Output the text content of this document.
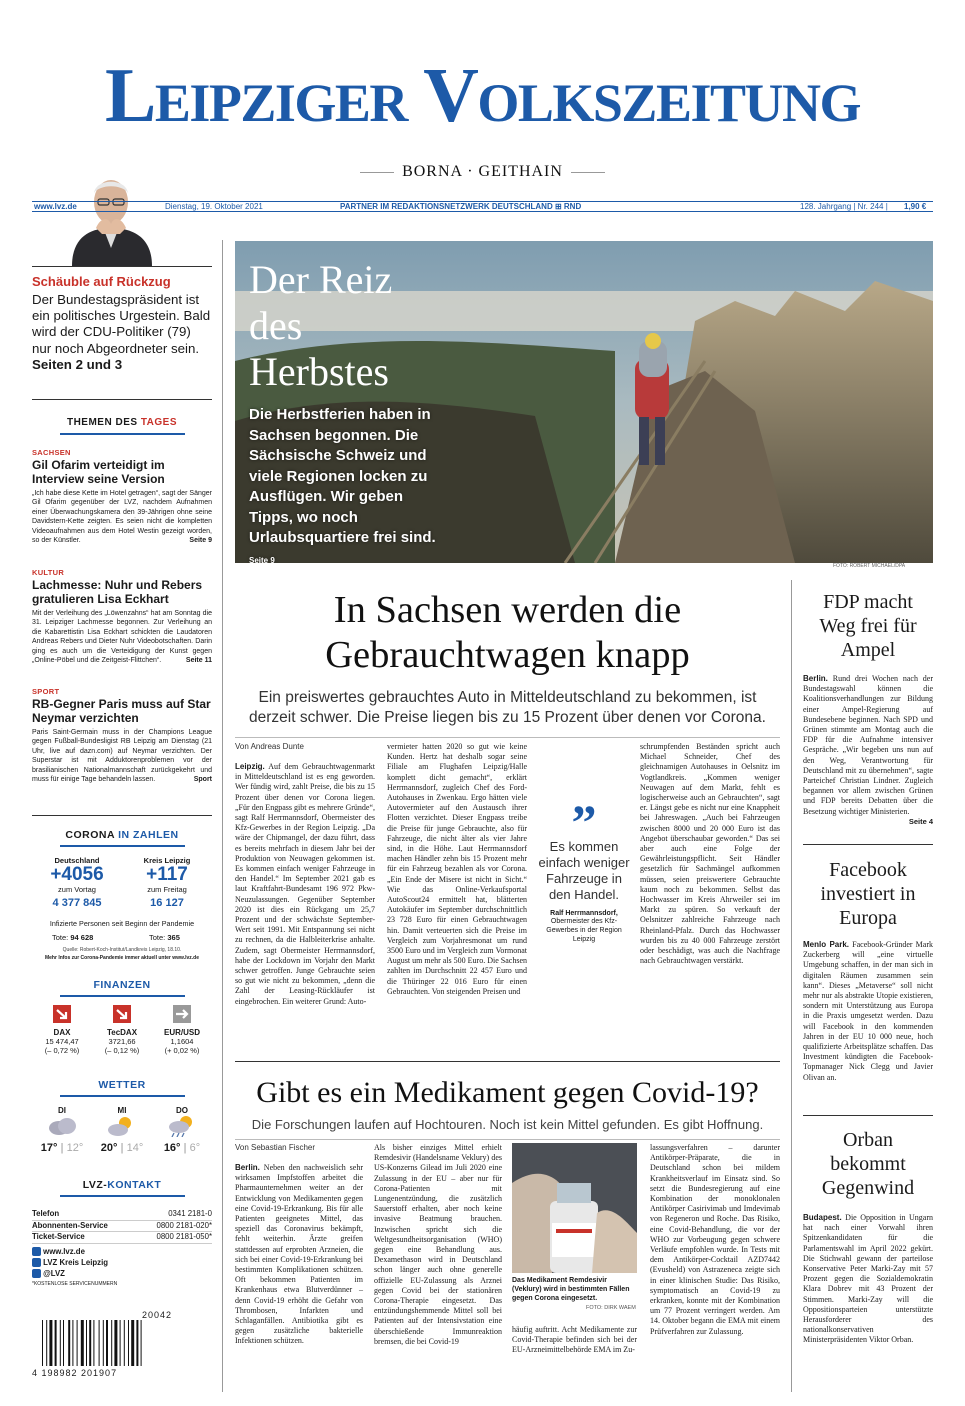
Leipziger Volkszeitung
BORNA · GEITHAIN
www.lvz.de	Dienstag, 19. Oktober 2021	PARTNER IM REDAKTIONSNETZWERK DEUTSCHLAND ⊞ RND	128. Jahrgang | Nr. 244 | 1,90 €
Schäuble auf Rückzug
Der Bundestagspräsident ist ein politisches Urgestein. Bald wird der CDU-Politiker (79) nur noch Abgeordneter sein. Seiten 2 und 3
THEMEN DES TAGES
SACHSEN
Gil Ofarim verteidigt im Interview seine Version
„Ich habe diese Kette im Hotel getragen“, sagt der Sänger Gil Ofarim gegenüber der LVZ, nachdem Aufnahmen einer Überwachungskamera den 39-Jährigen ohne seine Davidstern-Kette zeigten. Es seien nicht die kompletten Videoaufnahmen aus dem Hotel Westin gezeigt worden, so der Künstler.	Seite 9
KULTUR
Lachmesse: Nuhr und Rebers gratulieren Lisa Eckhart
Mit der Verleihung des „Löwenzahns“ hat am Sonntag die 31. Leipziger Lachmesse begonnen. Zur Verleihung an die Kabarettistin Lisa Eckhart schickten die Laudatoren Andreas Rebers und Dieter Nuhr Videobotschaften. Darin ging es auch um die Verteidigung der Kunst gegen „Online-Pöbel und die Zeitgeist-Flittchen“.	Seite 11
SPORT
RB-Gegner Paris muss auf Star Neymar verzichten
Paris Saint-Germain muss in der Champions League gegen Fußball-Bundesligist RB Leipzig am Dienstag (21 Uhr, live auf dazn.com) auf Neymar verzichten. Der Superstar ist mit Adduktorenproblemen vor der brasilianischen Nationalmannschaft zurückgekehrt und muss für einige Tage behandeln lassen.	Sport
CORONA IN ZAHLEN
Deutschland
+4056
zum Vortag
4 377 845
Kreis Leipzig
+117
zum Freitag
16 127
Infizierte Personen seit Beginn der Pandemie
Tote: 94 628	Tote: 365
Quelle: Robert-Koch-Institut/Landkreis Leipzig, 18.10.
Mehr Infos zur Corona-Pandemie immer aktuell unter www.lvz.de
FINANZEN
DAX
15 474,47
(– 0,72 %)
TecDAX
3721,66
(– 0,12 %)
EUR/USD
1,1604
(+ 0,02 %)
WETTER
DI
17° | 12°
MI
20° | 14°
DO
16° | 6°
LVZ-KONTAKT
Telefon	0341 2181-0
Abonnenten-Service	0800 2181-020*
Ticket-Service	0800 2181-050*
www.lvz.de
LVZ Kreis Leipzig
@LVZ
*KOSTENLOSE SERVICENUMMERN
20042
4 198982 201907
Der Reiz
des
Herbstes
Die Herbstferien haben in Sachsen begonnen. Die Sächsische Schweiz und viele Regionen locken zu Ausflügen. Wir geben Tipps, wo noch Urlaubsquartiere frei sind. Seite 9
FOTO: ROBERT MICHAEL/DPA
In Sachsen werden die
Gebrauchtwagen knapp
Ein preiswertes gebrauchtes Auto in Mitteldeutschland zu bekommen, ist derzeit schwer. Die Preise liegen bis zu 15 Prozent über denen vor Corona.
Von Andreas Dunte
Leipzig. Auf dem Gebrauchtwagenmarkt in Mitteldeutschland ist es eng geworden. Wer fündig wird, zahlt Preise, die bis zu 15 Prozent über denen vor Corona liegen. „Für den Engpass gibt es mehrere Gründe“, sagt Ralf Herrmannsdorf, Obermeister des Kfz-Gewerbes in der Region Leipzig. „Da wäre der Chipmangel, der dazu führt, dass es bereits mehrfach in diesem Jahr bei der Produktion von Neuwagen gekommen ist. Es kommen einfach weniger Fahrzeuge in den Handel.“ Im September 2021 gab es laut Kraftfahrt-Bundesamt 196 972 Pkw-Neuzulassungen. Gegenüber September 2020 ist dies ein Rückgang um 25,7 Prozent und der schwächste September-Wert seit 1991. Mit Entspannung sei nicht zu rechnen, da die Halbleiterkrise anhalte. Zudem, sagt Obermeister Herrmannsdorf, habe der Lockdown im Vorjahr den Markt schwer getroffen. Junge Gebrauchte seien so gut wie nicht zu bekommen, „denn die Zahl der Leasing-Rückläufer ist eingebrochen. Ein weiterer Grund: Auto-
vermieter hatten 2020 so gut wie keine Kunden. Hertz hat deshalb sogar seine Filiale am Flughafen Leipzig/Halle komplett dicht gemacht“, erklärt Herrmannsdorf, zugleich Chef des Ford-Autohauses in Zwenkau. Ergo hätten viele Autovermieter auf den Austausch ihrer Flotten verzichtet. Dieser Engpass treibe die Preise für junge Gebrauchte, also für Fahrzeuge, die nicht älter als vier Jahre sind, in die Höhe. Laut Herrmannsdorf machen Händler zehn bis 15 Prozent mehr für ein Fahrzeug bezahlen als vor Corona. „Ein Ende der Misere ist nicht in Sicht.“ Wie das Online-Verkaufsportal AutoScout24 ermittelt hat, blätterten Autokäufer im September durchschnittlich 23 728 Euro für einen Gebrauchtwagen hin. Damit verteuerten sich die Preise im Vergleich zum Vorjahresmonat um rund 3500 Euro und im Vergleich zum Vormonat August um mehr als 500 Euro. Die Sachsen zahlten im Durchschnitt 22 457 Euro und die Thüringer 22 016 Euro für einen Gebrauchten. Von steigenden Preisen und
”
Es kommen einfach weniger Fahrzeuge in den Handel.
Ralf Herrmannsdorf,
Obermeister des Kfz-Gewerbes in der Region Leipzig
schrumpfenden Beständen spricht auch Michael Schneider, Chef des gleichnamigen Autohauses in Oelsnitz im Vogtlandkreis. „Kommen weniger Neuwagen auf dem Markt, fehlt es logischerweise auch an Gebrauchten“, sagt er. Längst gebe es nicht nur eine Knappheit bei Jahreswagen. „Auch bei Fahrzeugen zwischen 8000 und 20 000 Euro ist das Angebot überschaubar geworden.“ Das sei aber auch eine Folge der Gewährleistungspflicht. Seit Händler gesetzlich für Sachmängel aufkommen müssen, seien preiswertere Gebrauchte kaum noch zu bekommen. Selbst das Hochwasser im Kreis Ahrweiler sei im Markt zu spüren. So verkauft der Oelsnitzer zahlreiche Fahrzeuge nach Rheinland-Pfalz. Durch das Hochwasser wurden bis zu 40 000 Fahrzeuge zerstört oder beschädigt, was auch die Nachfrage nach Gebrauchtwagen verstärkt.
Gibt es ein Medikament gegen Covid-19?
Die Forschungen laufen auf Hochtouren. Noch ist kein Mittel gefunden. Es gibt Hoffnung.
Von Sebastian Fischer
Berlin. Neben den nachweislich sehr wirksamen Impfstoffen arbeitet die Pharmaunternehmen weiter an der Entwicklung von Medikamenten gegen eine Covid-19-Erkrankung. Bis für alle Patienten geeignetes Mittel, das speziell das Coronavirus bekämpft, fehlt weiterhin. Ärzte greifen stattdessen auf erprobten Arzneien, die sich bei einer Covid-19-Erkrankung bei bestimmten Komplikationen schützen. Oft bekommen Patienten im Krankenhaus etwa Blutverdünner – denn Covid-19 erhöht die Gefahr von Thrombosen, Infarkten und Schlaganfällen. Antibiotika gibt es gegen zusätzliche bakterielle Infektionen schützen.
Als bisher einziges Mittel erhielt Remdesivir (Handelsname Veklury) des US-Konzerns Gilead im Juli 2020 eine Zulassung in der EU – aber nur für Corona-Patienten mit Lungenentzündung, die zusätzlich Sauerstoff erhalten, aber noch keine invasive Beatmung brauchen. Inzwischen spricht sich die Weltgesundheitsorganisation (WHO) gegen eine Behandlung aus. Dexamethason wird in Deutschland schon länger auch ohne generelle offizielle EU-Zulassung als Arznei gegen Covid bei der stationären Corona-Therapie eingesetzt. Das entzündungshemmende Mittel soll bei Patienten auf der Intensivstation eine überschießende Immunreaktion bremsen, die bei Covid-19
Das Medikament Remdesivir (Veklury) wird in bestimmten Fällen gegen Corona eingesetzt.
FOTO: DIRK WAEM
häufig auftritt. Acht Medikamente zur Covid-Therapie befinden sich bei der EU-Arzneimittelbehörde EMA im Zu-
lassungsverfahren – darunter Antikörper-Präparate, die in Deutschland schon bei mildem Krankheitsverlauf im Einsatz sind. So setzt die Bundesregierung auf eine Kombination der monoklonalen Antikörper Casirivimab und Imdevimab von Regeneron und Roche. Das Risiko, eine Covid-Behandlung, die vor der WHO zur Vorbeugung gegen schwere Verläufe empfohlen wurde. In Tests mit dem Antikörper-Cocktail AZD7442 (Evusheld) von Astrazeneca zeigte sich in einer klinischen Studie: Das Risiko, symptomatisch an Covid-19 zu erkranken, konnte mit der Kombination um 77 Prozent verringert werden. Am 14. Oktober begann die EMA mit einem Prüfverfahren zur Zulassung.
FDP macht Weg frei für Ampel
Berlin. Rund drei Wochen nach der Bundestagswahl können die Koalitionsverhandlungen zur Bildung einer Ampel-Regierung auf Bundesebene beginnen. Nach SPD und Grünen stimmte am Montag auch die FDP für die Aufnahme intensiver Gespräche. „Wir begeben uns nun auf den Weg, Verantwortung für Deutschland mit zu übernehmen“, sagte Parteichef Christian Lindner. Zugleich begannen vor allem zwischen Grünen und FDP bereits Debatten über die Besetzung wichtiger Ministerien.
Seite 4
Facebook investiert in Europa
Menlo Park. Facebook-Gründer Mark Zuckerberg will „eine virtuelle Umgebung schaffen, in der man sich in digitalen Räumen zusammen sein kann“. Dieses „Metaverse“ soll nicht mehr nur als abstrakte Utopie existieren, sondern mit Unterstützung aus Europa in die Praxis umgesetzt werden. Dazu will Facebook in den kommenden Jahren in der EU 10 000 neue, hoch qualifizierte Arbeitsplätze schaffen. Das Investment kündigten die Facebook-Topmanager Nick Clegg und Javier Olivan an.
Orban bekommt Gegenwind
Budapest. Die Opposition in Ungarn hat nach einer Vorwahl ihren Spitzenkandidaten für die Parlamentswahl im April 2022 gekürt. Die Stichwahl gewann der parteilose Konservative Peter Marki-Zay mit 57 Prozent gegen die Sozialdemokratin Klara Dobrev mit 43 Prozent der Stimmen. Marki-Zay will die Oppositionsparteien unterstützte Herausforderer des nationalkonservativen Ministerpräsidenten Viktor Orban.
